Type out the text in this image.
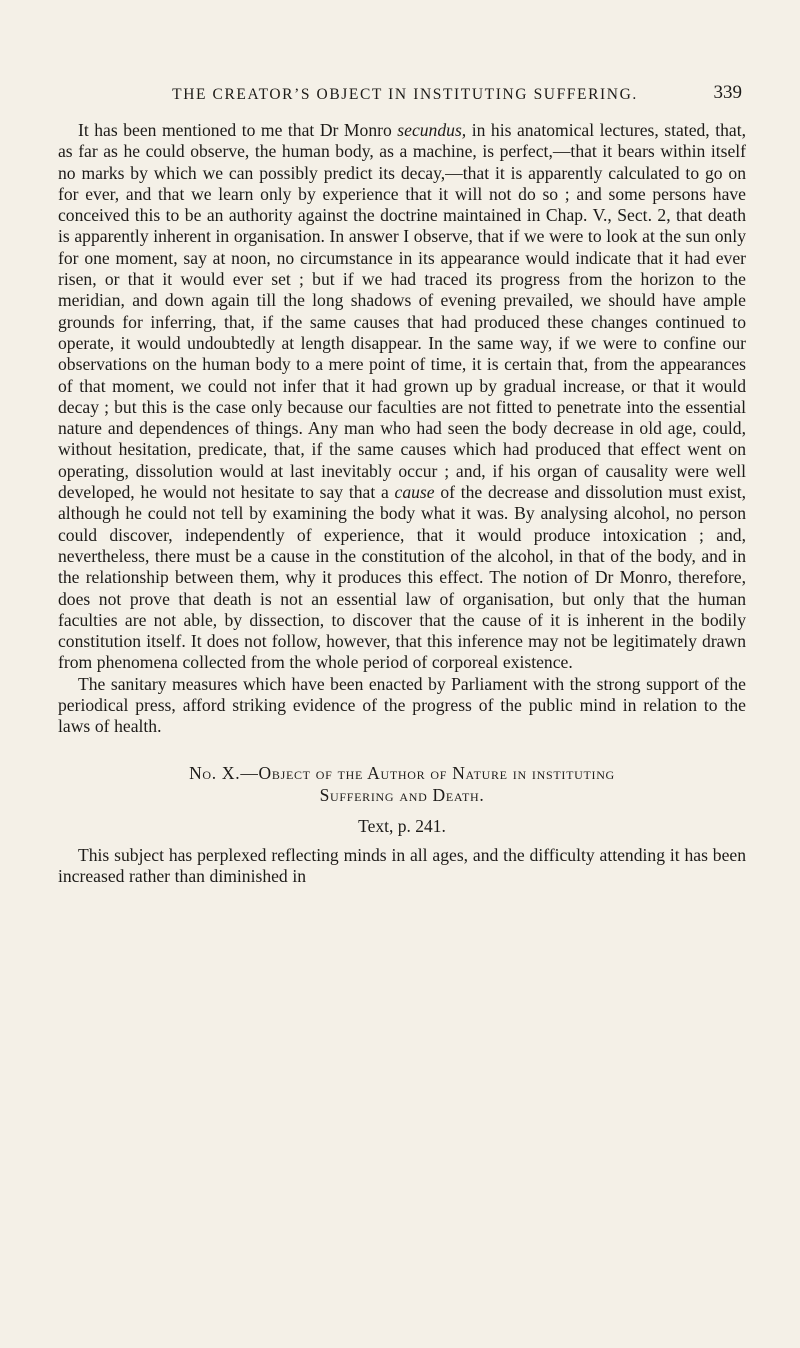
THE CREATOR’S OBJECT IN INSTITUTING SUFFERING.	339

It has been mentioned to me that Dr Monro secundus, in his anatomical lectures, stated, that, as far as he could observe, the human body, as a machine, is perfect,—that it bears within itself no marks by which we can possibly predict its decay,—that it is apparently calculated to go on for ever, and that we learn only by experience that it will not do so ; and some persons have conceived this to be an authority against the doctrine maintained in Chap. V., Sect. 2, that death is apparently inherent in organisation. In answer I observe, that if we were to look at the sun only for one moment, say at noon, no circumstance in its appearance would indicate that it had ever risen, or that it would ever set ; but if we had traced its progress from the horizon to the meridian, and down again till the long shadows of evening prevailed, we should have ample grounds for inferring, that, if the same causes that had produced these changes continued to operate, it would undoubtedly at length disappear. In the same way, if we were to confine our observations on the human body to a mere point of time, it is certain that, from the appearances of that moment, we could not infer that it had grown up by gradual increase, or that it would decay ; but this is the case only because our faculties are not fitted to penetrate into the essential nature and dependences of things. Any man who had seen the body decrease in old age, could, without hesitation, predicate, that, if the same causes which had produced that effect went on operating, dissolution would at last inevitably occur ; and, if his organ of causality were well developed, he would not hesitate to say that a cause of the decrease and dissolution must exist, although he could not tell by examining the body what it was. By analysing alcohol, no person could discover, independently of experience, that it would produce intoxication ; and, nevertheless, there must be a cause in the constitution of the alcohol, in that of the body, and in the relationship between them, why it produces this effect. The notion of Dr Monro, therefore, does not prove that death is not an essential law of organisation, but only that the human faculties are not able, by dissection, to discover that the cause of it is inherent in the bodily constitution itself. It does not follow, however, that this inference may not be legitimately drawn from phenomena collected from the whole period of corporeal existence.

The sanitary measures which have been enacted by Parliament with the strong support of the periodical press, afford striking evidence of the progress of the public mind in relation to the laws of health.

No. X.—Object of the Author of Nature in instituting
Suffering and Death.
Text, p. 241.

This subject has perplexed reflecting minds in all ages, and the difficulty attending it has been increased rather than diminished in
